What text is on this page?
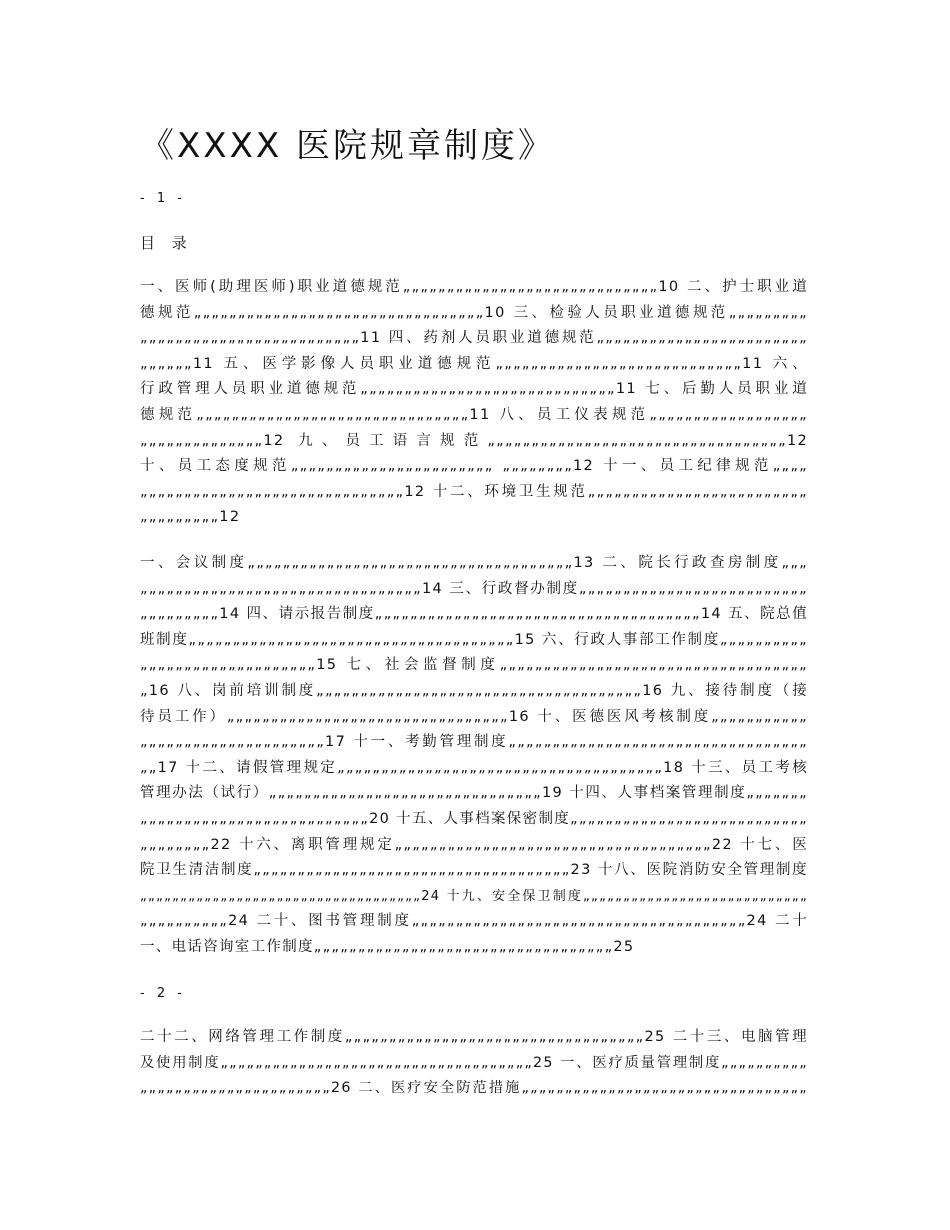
《XXXX 医院规章制度》
- 1 -
目 录
一、医师(助理医师)职业道德规范„„„„„„„„„„„„„„„„„„„„„„„„„„„„„10 二、护士职业道
德规范„„„„„„„„„„„„„„„„„„„„„„„„„„„„„„„„„10 三、检验人员职业道德规范„„„„„„„„„
„„„„„„„„„„„„„„„„„„„„„„„„„11 四、药剂人员职业道德规范„„„„„„„„„„„„„„„„„„„„„„„„
„„„„„„11 五、医学影像人员职业道德规范„„„„„„„„„„„„„„„„„„„„„„„„„„„„11 六、
行政管理人员职业道德规范„„„„„„„„„„„„„„„„„„„„„„„„„„„„„11 七、后勤人员职业道
德规范„„„„„„„„„„„„„„„„„„„„„„„„„„„„„„„11 八、员工仪表规范„„„„„„„„„„„„„„„„„„
„„„„„„„„„„„„„„12 九、员工语言规范„„„„„„„„„„„„„„„„„„„„„„„„„„„„„„„„„„12
十、员工态度规范„„„„„„„„„„„„„„„„„„„„„„„ „„„„„„„„12 十一、员工纪律规范„„„„
„„„„„„„„„„„„„„„„„„„„„„„„„„„„„„12 十二、环境卫生规范„„„„„„„„„„„„„„„„„„„„„„„„„
„„„„„„„„„12
一、会议制度„„„„„„„„„„„„„„„„„„„„„„„„„„„„„„„„„„„„„13 二、院长行政查房制度„„„
„„„„„„„„„„„„„„„„„„„„„„„„„„„„„„„„14 三、行政督办制度„„„„„„„„„„„„„„„„„„„„„„„„„„
„„„„„„„„„14 四、请示报告制度„„„„„„„„„„„„„„„„„„„„„„„„„„„„„„„„„„„„„14 五、院总值
班制度„„„„„„„„„„„„„„„„„„„„„„„„„„„„„„„„„„„„„15 六、行政人事部工作制度„„„„„„„„„„
„„„„„„„„„„„„„„„„„„„„15 七、社会监督制度„„„„„„„„„„„„„„„„„„„„„„„„„„„„„„„„„„„
„16 八、岗前培训制度„„„„„„„„„„„„„„„„„„„„„„„„„„„„„„„„„„„„„16 九、接待制度（接
待员工作）„„„„„„„„„„„„„„„„„„„„„„„„„„„„„„„„16 十、医德医风考核制度„„„„„„„„„„„
„„„„„„„„„„„„„„„„„„„„„17 十一、考勤管理制度„„„„„„„„„„„„„„„„„„„„„„„„„„„„„„„„„„
„„17 十二、请假管理规定„„„„„„„„„„„„„„„„„„„„„„„„„„„„„„„„„„„„„18 十三、员工考核
管理办法（试行）„„„„„„„„„„„„„„„„„„„„„„„„„„„„„„„19 十四、人事档案管理制度„„„„„„„
„„„„„„„„„„„„„„„„„„„„„„„„„„20 十五、人事档案保密制度„„„„„„„„„„„„„„„„„„„„„„„„„„„
„„„„„„„„22 十六、离职管理规定„„„„„„„„„„„„„„„„„„„„„„„„„„„„„„„„„„„„22 十七、医
院卫生清洁制度„„„„„„„„„„„„„„„„„„„„„„„„„„„„„„„„„„„„23 十八、医院消防安全管理制度
„„„„„„„„„„„„„„„„„„„„„„„„„„„„„„„„„„„24 十九、安全保卫制度„„„„„„„„„„„„„„„„„„„„„„„„„„„„
„„„„„„„„„„24 二十、图书管理制度„„„„„„„„„„„„„„„„„„„„„„„„„„„„„„„„„„„„„„24 二十
一、电话咨询室工作制度„„„„„„„„„„„„„„„„„„„„„„„„„„„„„„„„„„25
- 2 -
二十二、网络管理工作制度„„„„„„„„„„„„„„„„„„„„„„„„„„„„„„„„„„25 二十三、电脑管理
及使用制度„„„„„„„„„„„„„„„„„„„„„„„„„„„„„„„„„„„„25 一、医疗质量管理制度„„„„„„„„„„
„„„„„„„„„„„„„„„„„„„„„„26 二、医疗安全防范措施„„„„„„„„„„„„„„„„„„„„„„„„„„„„„„„„„
